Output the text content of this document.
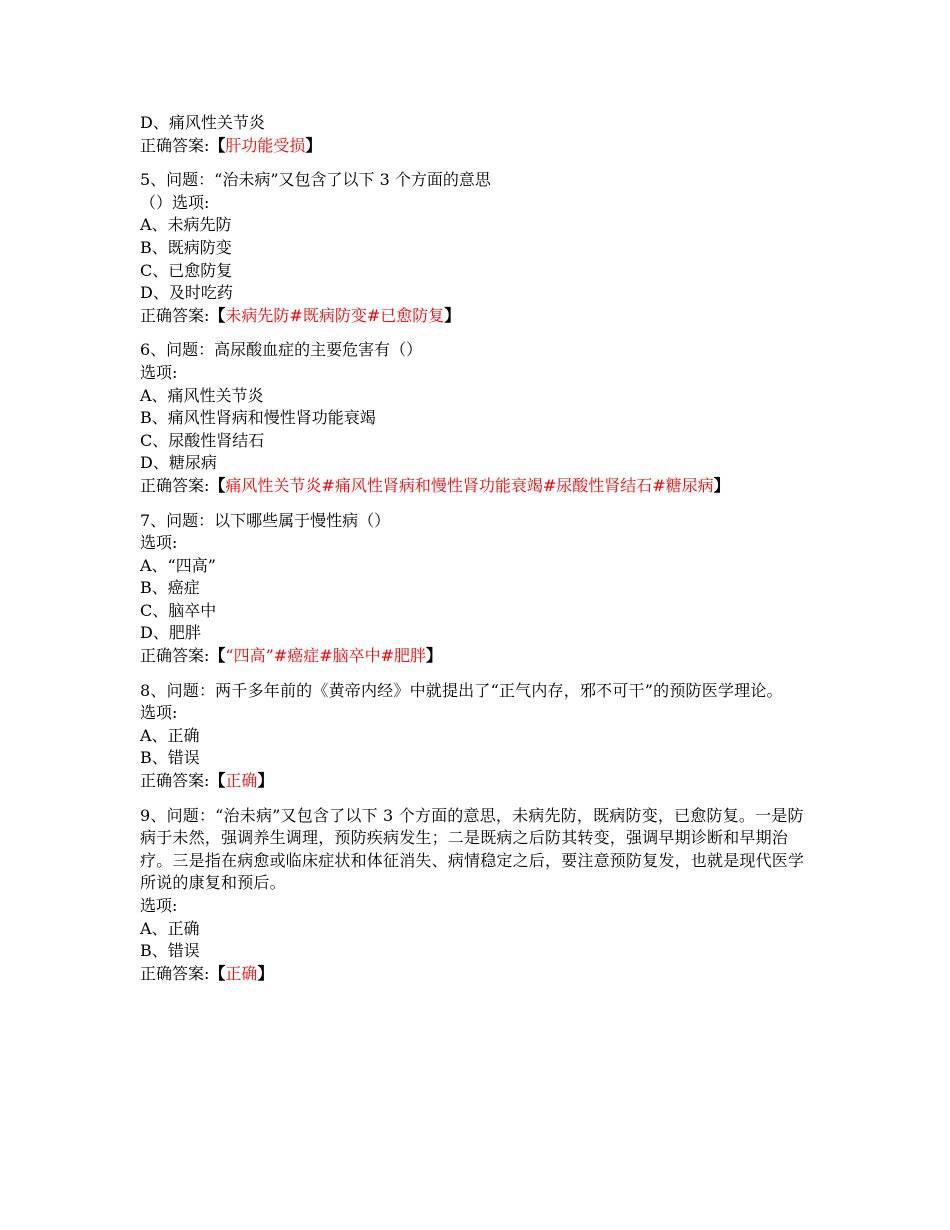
D、痛风性关节炎
正确答案:【肝功能受损】
5、问题：“治未病”又包含了以下 3 个方面的意思
（）选项:
A、未病先防
B、既病防变
C、已愈防复
D、及时吃药
正确答案:【未病先防#既病防变#已愈防复】
6、问题：高尿酸血症的主要危害有（）
选项:
A、痛风性关节炎
B、痛风性肾病和慢性肾功能衰竭
C、尿酸性肾结石
D、糖尿病
正确答案:【痛风性关节炎#痛风性肾病和慢性肾功能衰竭#尿酸性肾结石#糖尿病】
7、问题：以下哪些属于慢性病（）
选项:
A、“四高”
B、癌症
C、脑卒中
D、肥胖
正确答案:【“四高”#癌症#脑卒中#肥胖】
8、问题：两千多年前的《黄帝内经》中就提出了“正气内存，邪不可干”的预防医学理论。
选项:
A、正确
B、错误
正确答案:【正确】
9、问题：“治未病”又包含了以下 3 个方面的意思，未病先防，既病防变，已愈防复。一是防病于未然，强调养生调理，预防疾病发生；二是既病之后防其转变，强调早期诊断和早期治疗。三是指在病愈或临床症状和体征消失、病情稳定之后，要注意预防复发，也就是现代医学所说的康复和预后。
选项:
A、正确
B、错误
正确答案:【正确】
